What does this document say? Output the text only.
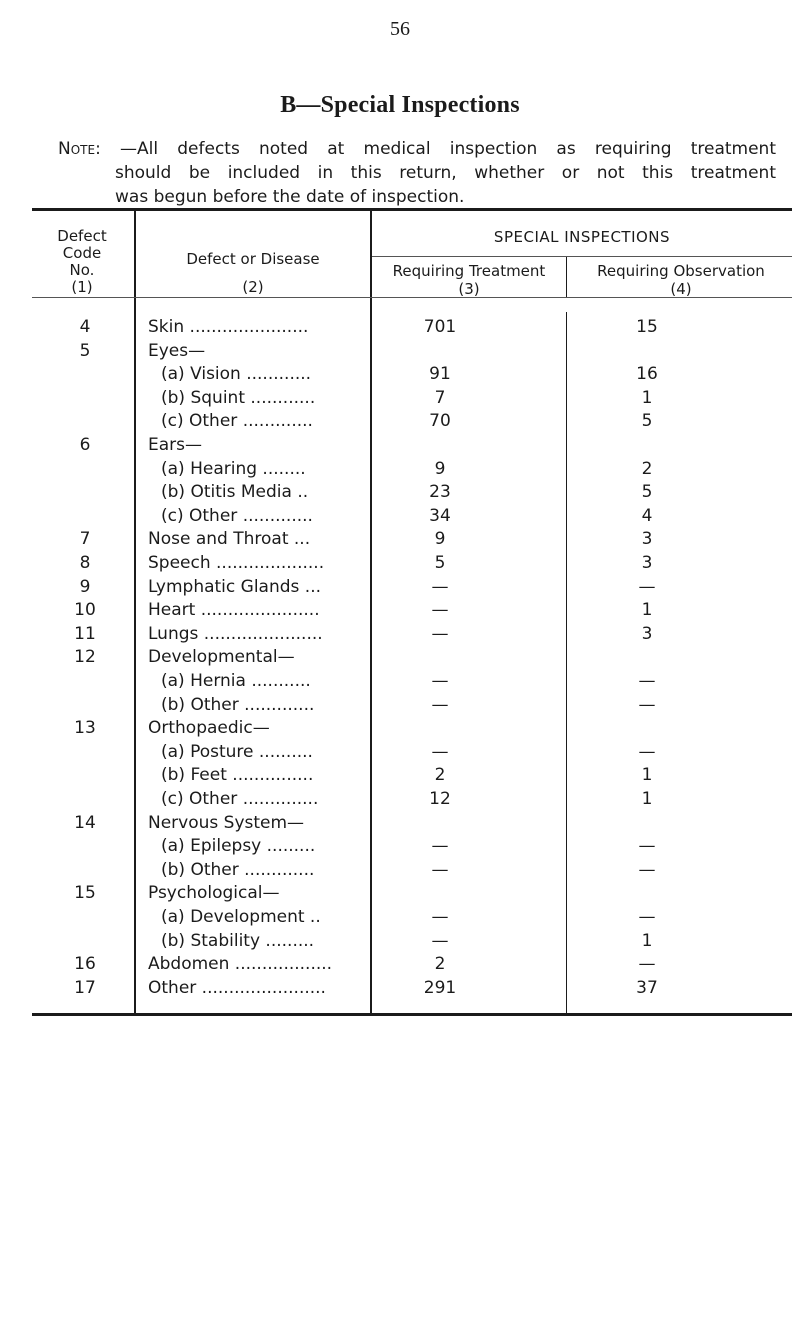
56
B—Special Inspections
Note: —All defects noted at medical inspection as requiring treatment
should be included in this return, whether or not this treatment
was begun before the date of inspection.
Defect
Code
No.
(1)
Defect or Disease
(2)
SPECIAL INSPECTIONS
Requiring Treatment
(3)
Requiring Observation
(4)
4	Skin ......................	701	15
5	Eyes—
(a) Vision ............	91	16
(b) Squint ............	7	1
(c) Other .............	70	5
6	Ears—
(a) Hearing ........	9	2
(b) Otitis Media ..	23	5
(c) Other .............	34	4
7	Nose and Throat ...	9	3
8	Speech ....................	5	3
9	Lymphatic Glands ...	—	—
10	Heart ......................	—	1
11	Lungs ......................	—	3
12	Developmental—
(a) Hernia ...........	—	—
(b) Other .............	—	—
13	Orthopaedic—
(a) Posture ..........	—	—
(b) Feet ...............	2	1
(c) Other ..............	12	1
14	Nervous System—
(a) Epilepsy .........	—	—
(b) Other .............	—	—
15	Psychological—
(a) Development ..	—	—
(b) Stability .........	—	1
16	Abdomen ..................	2	—
17	Other .......................	291	37
